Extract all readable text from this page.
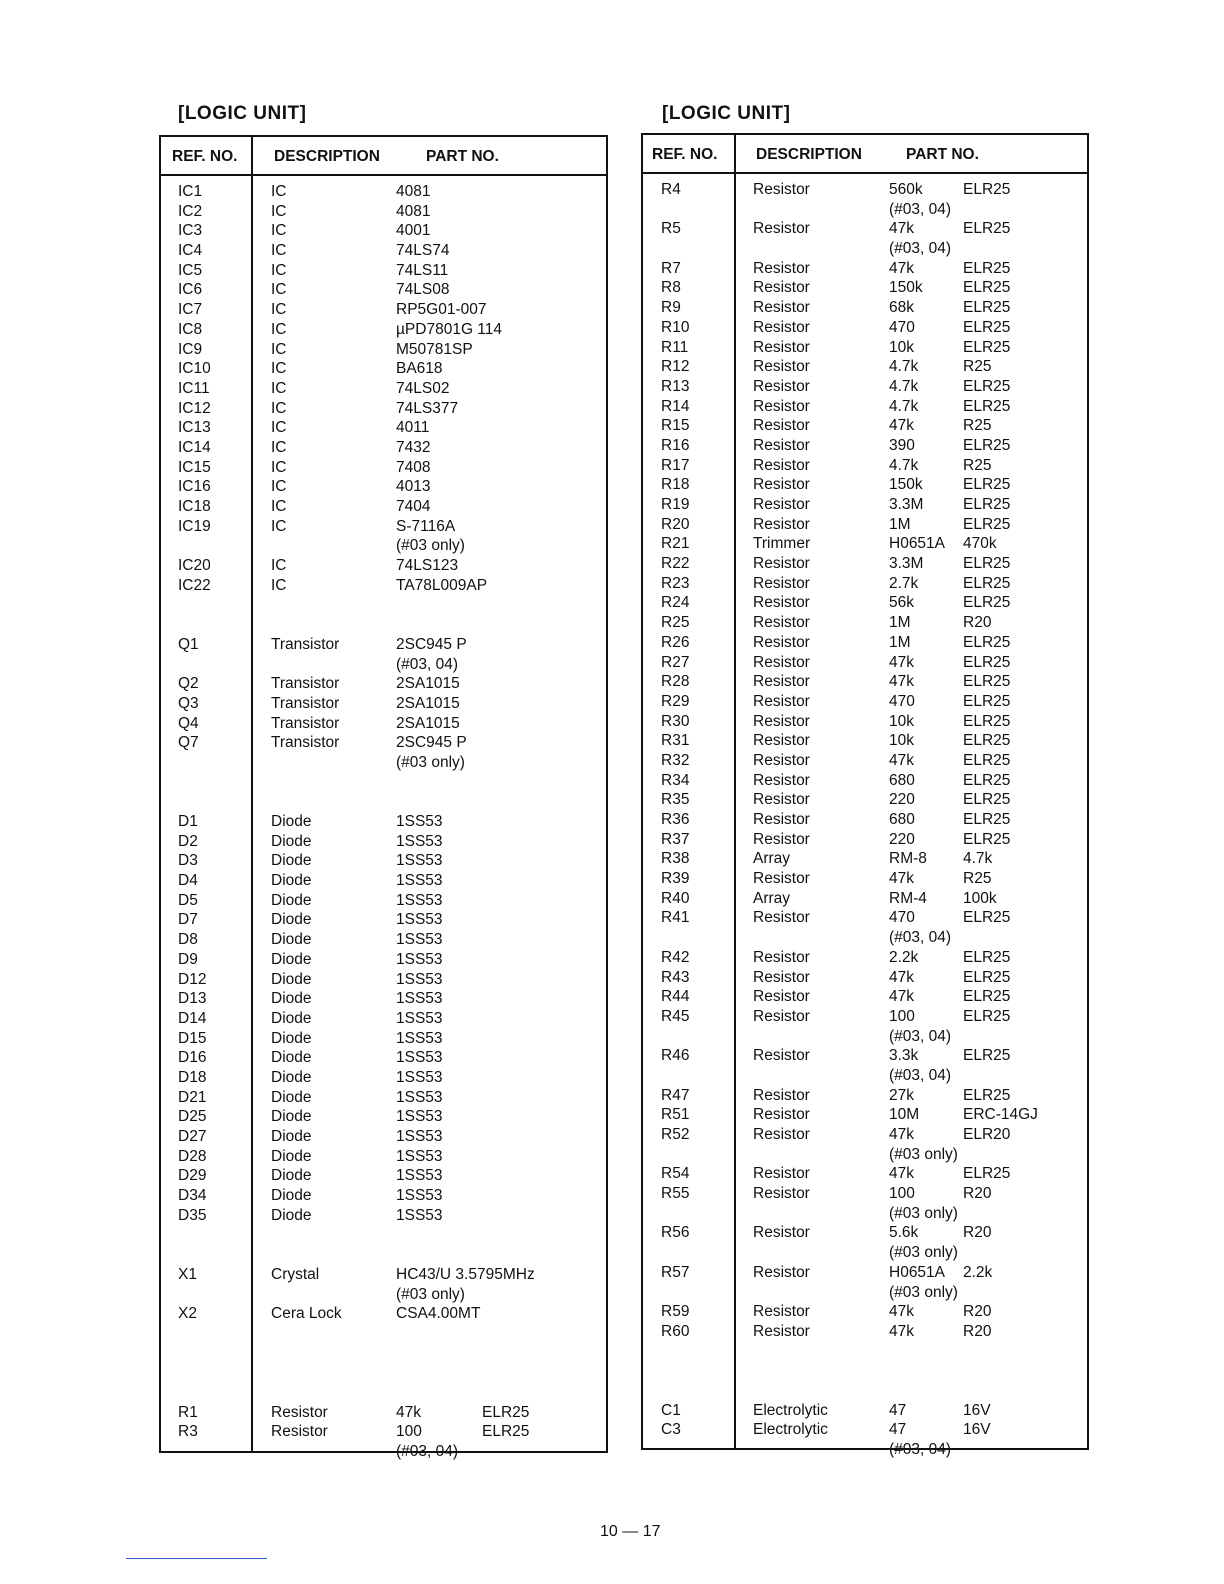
[LOGIC UNIT]	[LOGIC UNIT]
REF. NO. DESCRIPTION	PART NO.
IC1	IC	4081
IC2	IC	4081
IC3	IC	4001
IC4	IC	74LS74
IC5	IC	74LS11
IC6	IC	74LS08
IC7	IC	RP5G01-007
IC8	IC	µPD7801G 114
IC9	IC	M50781SP
IC10	IC	BA618
IC11	IC	74LS02
IC12	IC	74LS377
IC13	IC	4011
IC14	IC	7432
IC15	IC	7408
IC16	IC	4013
IC18	IC	7404
IC19	IC	S-7116A
(#03 only)
IC20	IC	74LS123
IC22	IC	TA78L009AP
Q1	Transistor	2SC945 P
(#03, 04)
Q2	Transistor	2SA1015
Q3	Transistor	2SA1015
Q4	Transistor	2SA1015
Q7	Transistor	2SC945 P
(#03 only)
D1	Diode	1SS53
D2	Diode	1SS53
D3	Diode	1SS53
D4	Diode	1SS53
D5	Diode	1SS53
D7	Diode	1SS53
D8	Diode	1SS53
D9	Diode	1SS53
D12	Diode	1SS53
D13	Diode	1SS53
D14	Diode	1SS53
D15	Diode	1SS53
D16	Diode	1SS53
D18	Diode	1SS53
D21	Diode	1SS53
D25	Diode	1SS53
D27	Diode	1SS53
D28	Diode	1SS53
D29	Diode	1SS53
D34	Diode	1SS53
D35	Diode	1SS53
X1	Crystal	HC43/U 3.5795MHz
(#03 only)
X2	Cera Lock	CSA4.00MT
R1	Resistor	47k	ELR25
R3	Resistor	100	ELR25
(#03, 04)
REF. NO. DESCRIPTION	PART NO.
R4	Resistor	560k	ELR25
(#03, 04)
R5	Resistor	47k	ELR25
(#03, 04)
R7	Resistor	47k	ELR25
R8	Resistor	150k	ELR25
R9	Resistor	68k	ELR25
R10	Resistor	470	ELR25
R11	Resistor	10k	ELR25
R12	Resistor	4.7k	R25
R13	Resistor	4.7k	ELR25
R14	Resistor	4.7k	ELR25
R15	Resistor	47k	R25
R16	Resistor	390	ELR25
R17	Resistor	4.7k	R25
R18	Resistor	150k	ELR25
R19	Resistor	3.3M	ELR25
R20	Resistor	1M	ELR25
R21	Trimmer	H0651A 470k
R22	Resistor	3.3M	ELR25
R23	Resistor	2.7k	ELR25
R24	Resistor	56k	ELR25
R25	Resistor	1M	R20
R26	Resistor	1M	ELR25
R27	Resistor	47k	ELR25
R28	Resistor	47k	ELR25
R29	Resistor	470	ELR25
R30	Resistor	10k	ELR25
R31	Resistor	10k	ELR25
R32	Resistor	47k	ELR25
R34	Resistor	680	ELR25
R35	Resistor	220	ELR25
R36	Resistor	680	ELR25
R37	Resistor	220	ELR25
R38	Array	RM-8 4.7k
R39	Resistor	47k	R25
R40	Array	RM-4 100k
R41	Resistor	470	ELR25
(#03, 04)
R42	Resistor	2.2k	ELR25
R43	Resistor	47k	ELR25
R44	Resistor	47k	ELR25
R45	Resistor	100	ELR25
(#03, 04)
R46	Resistor	3.3k	ELR25
(#03, 04)
R47	Resistor	27k	ELR25
R51	Resistor	10M	ERC-14GJ
R52	Resistor	47k	ELR20
(#03 only)
R54	Resistor	47k	ELR25
R55	Resistor	100	R20
(#03 only)
R56	Resistor	5.6k	R20
(#03 only)
R57	Resistor	H0651A 2.2k
(#03 only)
R59	Resistor	47k	R20
R60	Resistor	47k	R20
C1	Electrolytic	47	16V
C3	Electrolytic	47	16V
(#03, 04)
10 — 17
